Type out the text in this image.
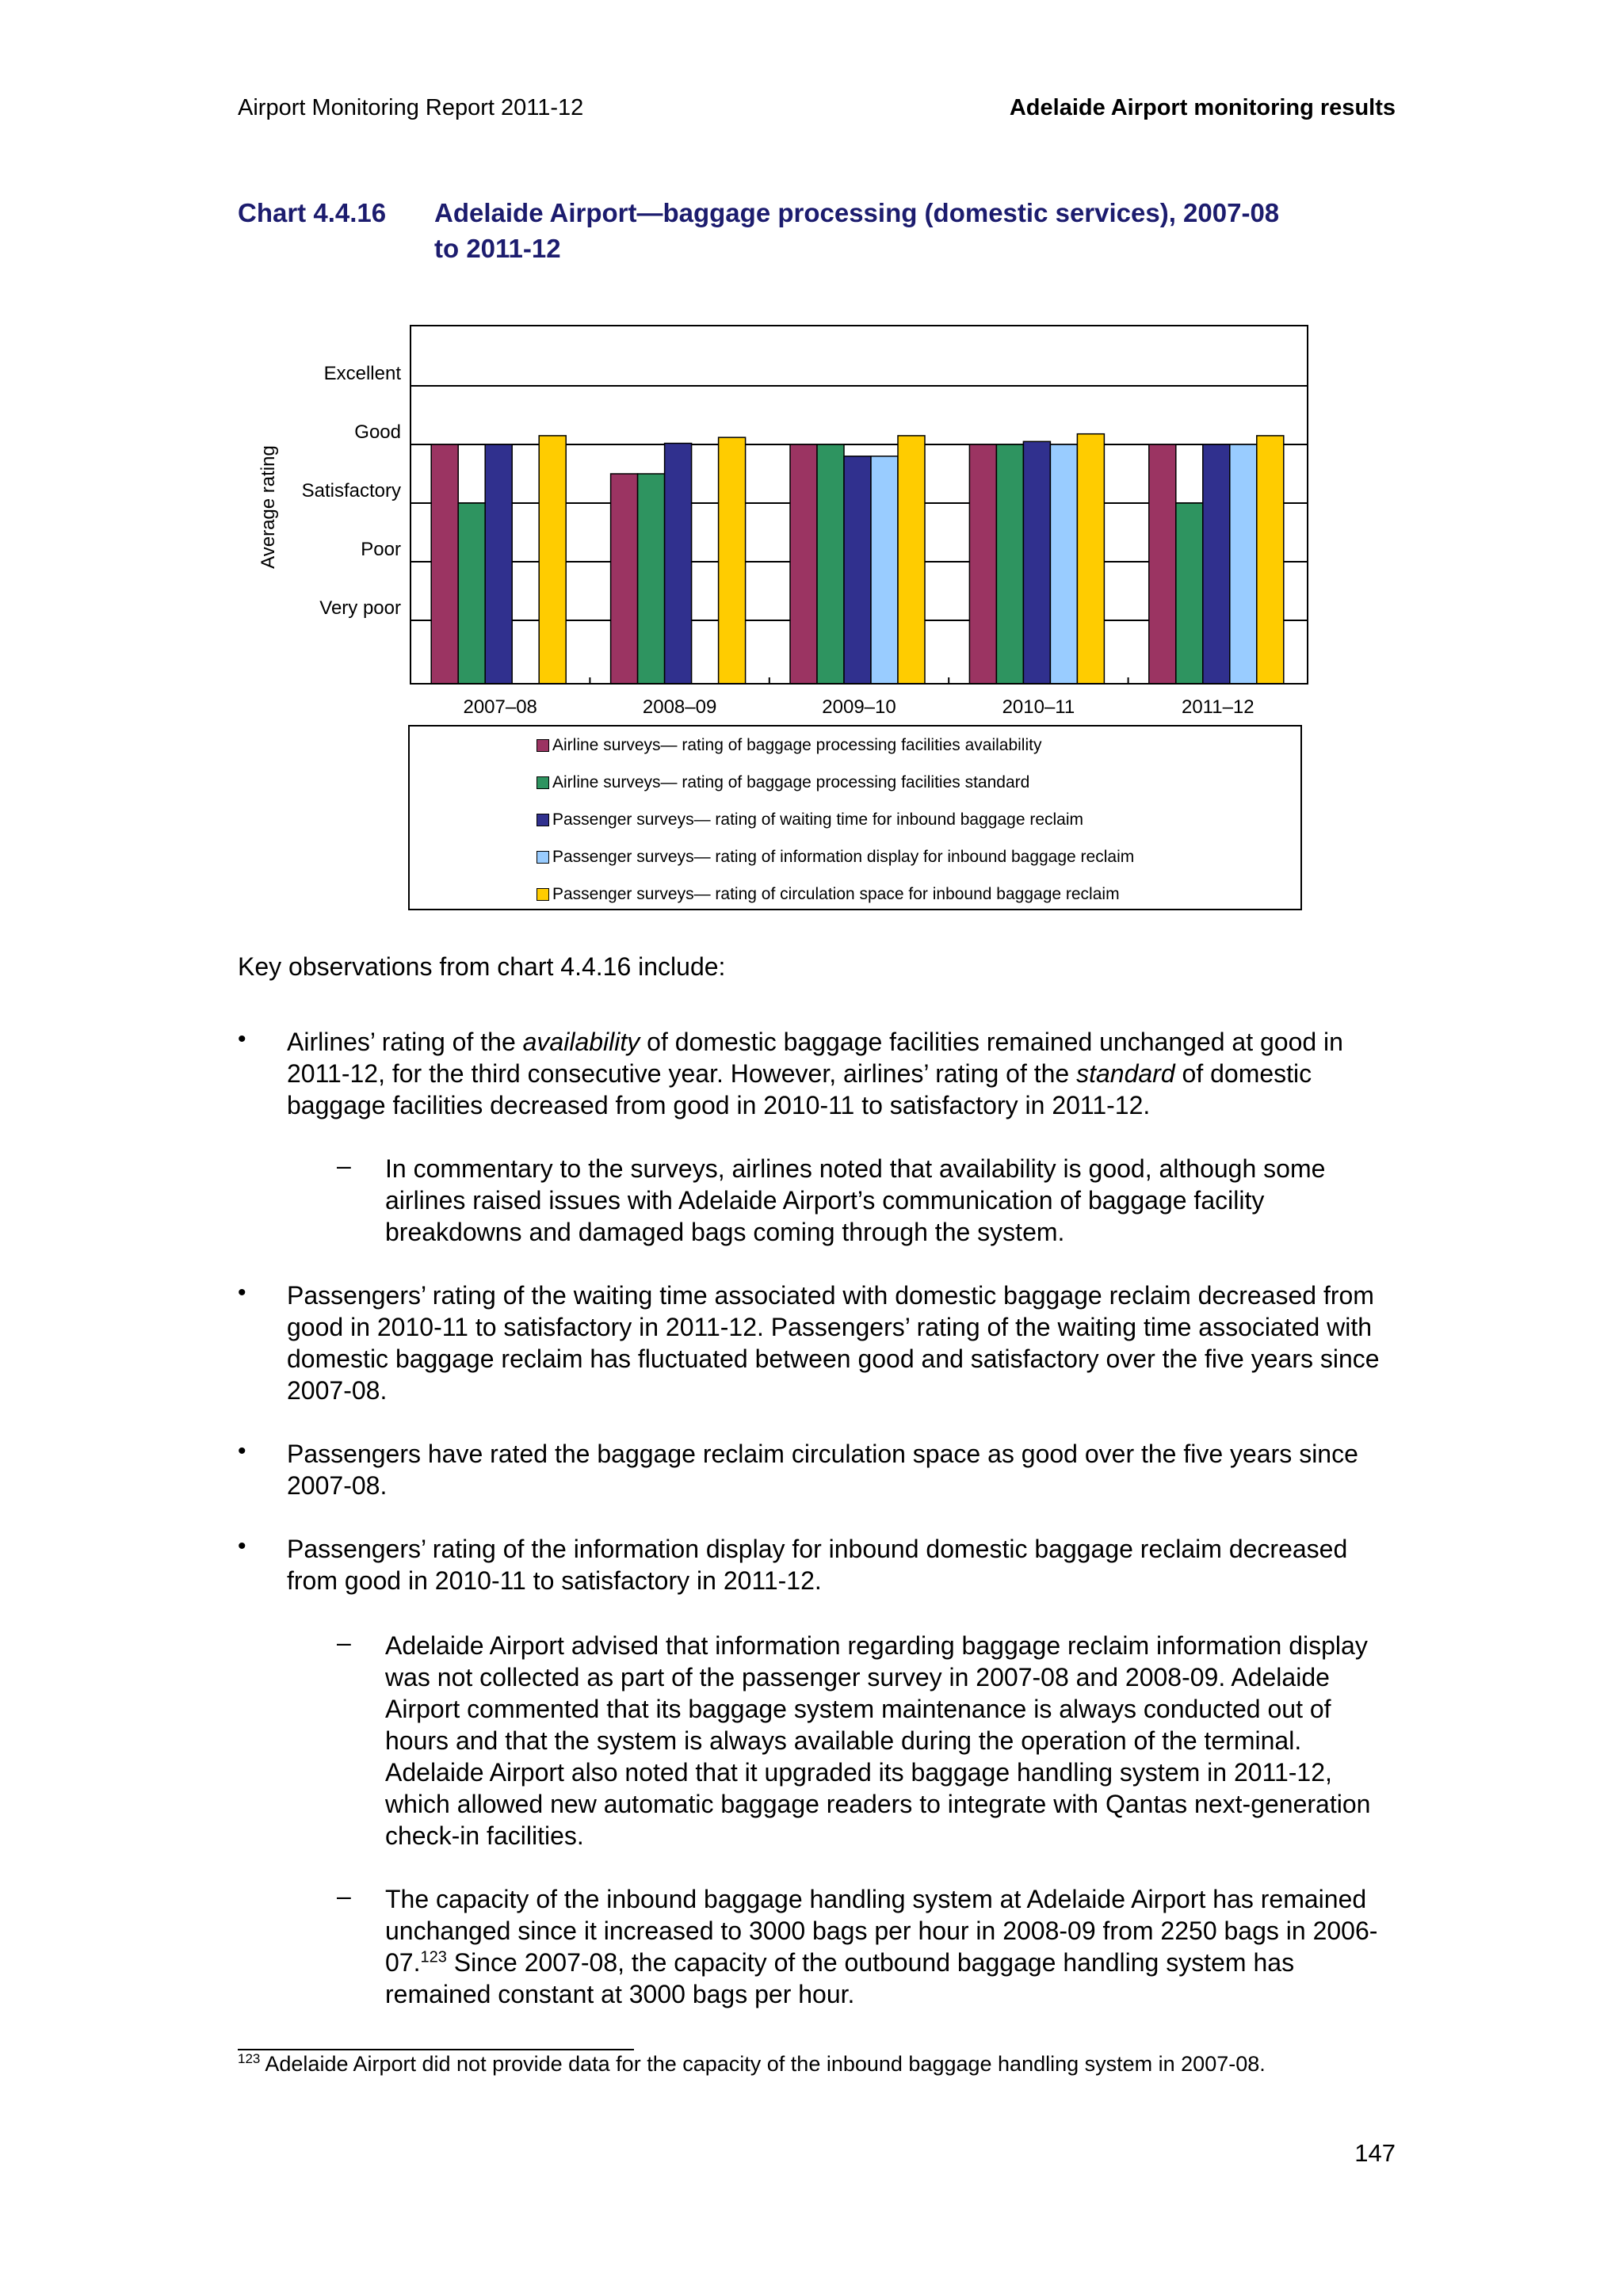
Airport Monitoring Report 2011-12	Adelaide Airport monitoring results
Chart 4.4.16 Adelaide Airport—baggage processing (domestic services), 2007-08 to 2011-12
Very poor
Poor
Satisfactory
Good
Excellent
2007–08	2008–09	2009–10	2010–11	2011–12
Average rating
Airline surveys— rating of baggage processing facilities availability
Airline surveys— rating of baggage processing facilities standard
Passenger surveys— rating of waiting time for inbound baggage reclaim
Passenger surveys— rating of information display for inbound baggage reclaim
Passenger surveys— rating of circulation space for inbound baggage reclaim
Key observations from chart 4.4.16 include:
• Airlines’ rating of the availability of domestic baggage facilities remained unchanged at good in 2011-12, for the third consecutive year. However, airlines’ rating of the standard of domestic baggage facilities decreased from good in 2010-11 to satisfactory in 2011-12.
– In commentary to the surveys, airlines noted that availability is good, although some airlines raised issues with Adelaide Airport’s communication of baggage facility breakdowns and damaged bags coming through the system.
• Passengers’ rating of the waiting time associated with domestic baggage reclaim decreased from good in 2010-11 to satisfactory in 2011-12. Passengers’ rating of the waiting time associated with domestic baggage reclaim has fluctuated between good and satisfactory over the five years since 2007-08.
• Passengers have rated the baggage reclaim circulation space as good over the five years since 2007-08.
• Passengers’ rating of the information display for inbound domestic baggage reclaim decreased from good in 2010-11 to satisfactory in 2011-12.
– Adelaide Airport advised that information regarding baggage reclaim information display was not collected as part of the passenger survey in 2007-08 and 2008-09. Adelaide Airport commented that its baggage system maintenance is always conducted out of hours and that the system is always available during the operation of the terminal. Adelaide Airport also noted that it upgraded its baggage handling system in 2011-12, which allowed new automatic baggage readers to integrate with Qantas next-generation check-in facilities.
– The capacity of the inbound baggage handling system at Adelaide Airport has remained unchanged since it increased to 3000 bags per hour in 2008-09 from 2250 bags in 2006-07.$^{123}$ Since 2007-08, the capacity of the outbound baggage handling system has remained constant at 3000 bags per hour.
$^{123}$ Adelaide Airport did not provide data for the capacity of the inbound baggage handling system in 2007-08.
147
